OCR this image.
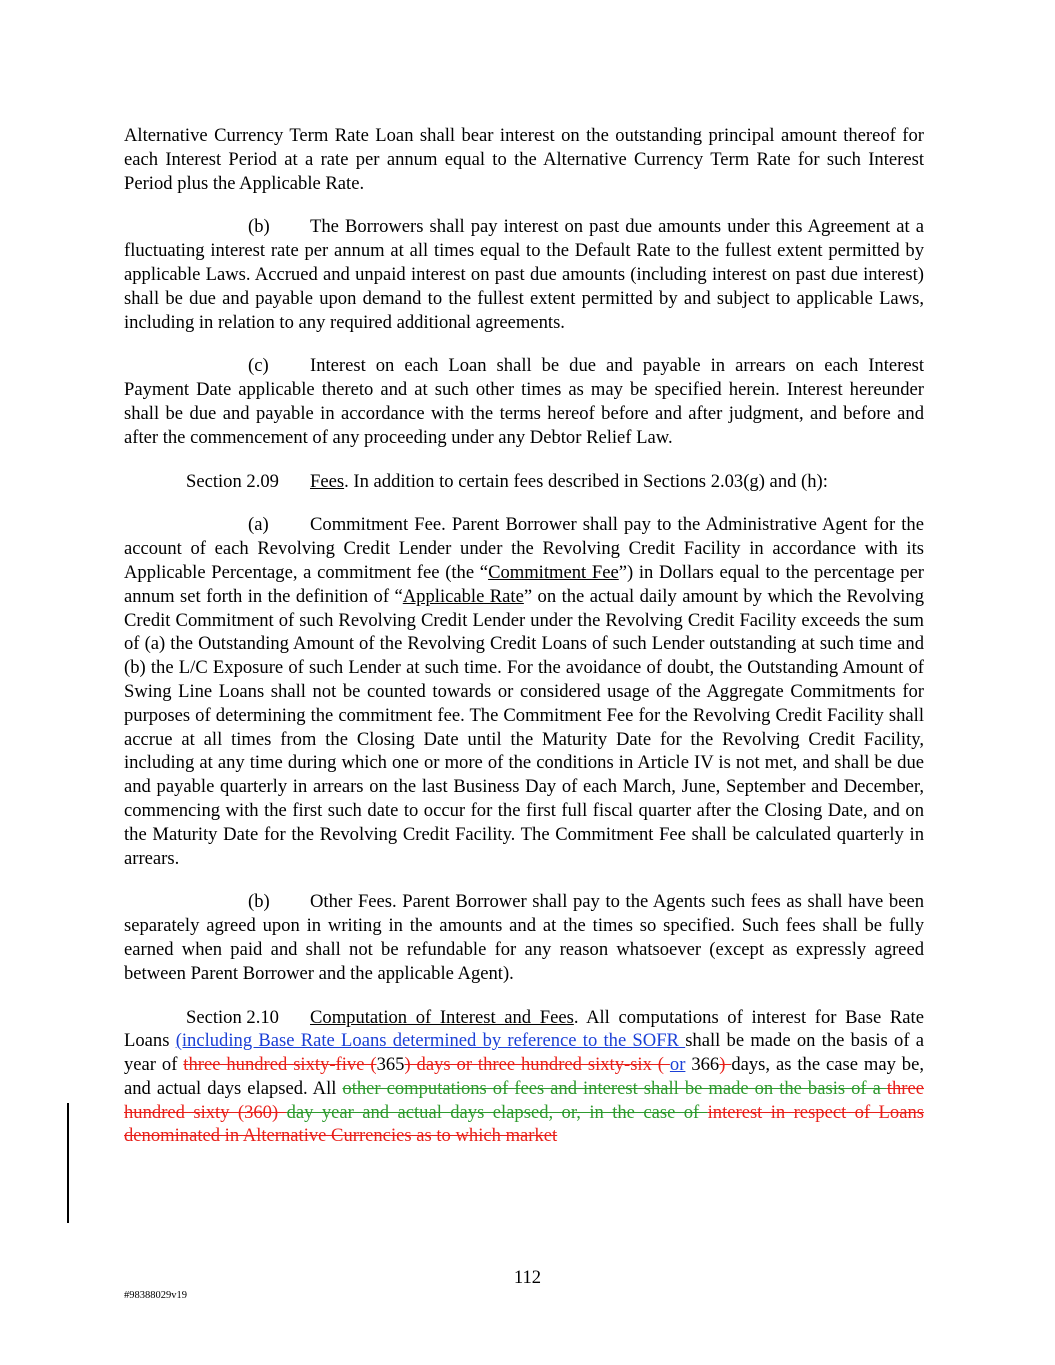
Alternative Currency Term Rate Loan shall bear interest on the outstanding principal amount thereof for each Interest Period at a rate per annum equal to the Alternative Currency Term Rate for such Interest Period plus the Applicable Rate.

(b) The Borrowers shall pay interest on past due amounts under this Agreement at a fluctuating interest rate per annum at all times equal to the Default Rate to the fullest extent permitted by applicable Laws. Accrued and unpaid interest on past due amounts (including interest on past due interest) shall be due and payable upon demand to the fullest extent permitted by and subject to applicable Laws, including in relation to any required additional agreements.

(c) Interest on each Loan shall be due and payable in arrears on each Interest Payment Date applicable thereto and at such other times as may be specified herein. Interest hereunder shall be due and payable in accordance with the terms hereof before and after judgment, and before and after the commencement of any proceeding under any Debtor Relief Law.

Section 2.09 Fees. In addition to certain fees described in Sections 2.03(g) and (h):

(a) Commitment Fee. Parent Borrower shall pay to the Administrative Agent for the account of each Revolving Credit Lender under the Revolving Credit Facility in accordance with its Applicable Percentage, a commitment fee (the “Commitment Fee”) in Dollars equal to the percentage per annum set forth in the definition of “Applicable Rate” on the actual daily amount by which the Revolving Credit Commitment of such Revolving Credit Lender under the Revolving Credit Facility exceeds the sum of (a) the Outstanding Amount of the Revolving Credit Loans of such Lender outstanding at such time and (b) the L/C Exposure of such Lender at such time. For the avoidance of doubt, the Outstanding Amount of Swing Line Loans shall not be counted towards or considered usage of the Aggregate Commitments for purposes of determining the commitment fee. The Commitment Fee for the Revolving Credit Facility shall accrue at all times from the Closing Date until the Maturity Date for the Revolving Credit Facility, including at any time during which one or more of the conditions in Article IV is not met, and shall be due and payable quarterly in arrears on the last Business Day of each March, June, September and December, commencing with the first such date to occur for the first full fiscal quarter after the Closing Date, and on the Maturity Date for the Revolving Credit Facility. The Commitment Fee shall be calculated quarterly in arrears.

(b) Other Fees. Parent Borrower shall pay to the Agents such fees as shall have been separately agreed upon in writing in the amounts and at the times so specified. Such fees shall be fully earned when paid and shall not be refundable for any reason whatsoever (except as expressly agreed between Parent Borrower and the applicable Agent).

Section 2.10 Computation of Interest and Fees. All computations of interest for Base Rate Loans (including Base Rate Loans determined by reference to the SOFR shall be made on the basis of a year of three hundred sixty-five (365) days or three hundred sixty-six ( or 366) days, as the case may be, and actual days elapsed. All other computations of fees and interest shall be made on the basis of a three hundred sixty (360) day year and actual days elapsed, or, in the case of interest in respect of Loans denominated in Alternative Currencies as to which market

112
#98388029v19
